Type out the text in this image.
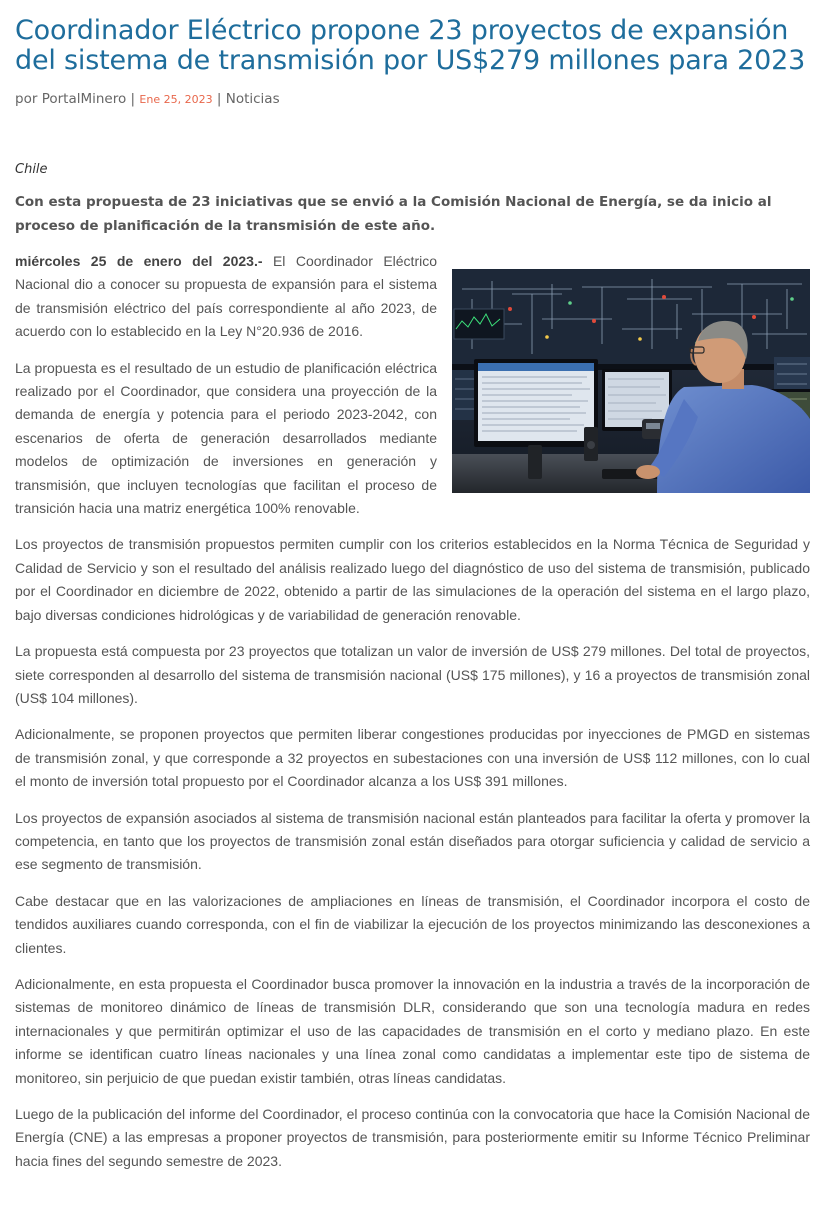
Coordinador Eléctrico propone 23 proyectos de expansión del sistema de transmisión por US$279 millones para 2023
por PortalMinero | Ene 25, 2023 | Noticias
Chile
Con esta propuesta de 23 iniciativas que se envió a la Comisión Nacional de Energía, se da inicio al proceso de planificación de la transmisión de este año.

miércoles 25 de enero del 2023.- El Coordinador Eléctrico Nacional dio a conocer su propuesta de expansión para el sistema de transmisión eléctrico del país correspondiente al año 2023, de acuerdo con lo establecido en la Ley N°20.936 de 2016.

La propuesta es el resultado de un estudio de planificación eléctrica realizado por el Coordinador, que considera una proyección de la demanda de energía y potencia para el periodo 2023-2042, con escenarios de oferta de generación desarrollados mediante modelos de optimización de inversiones en generación y transmisión, que incluyen tecnologías que facilitan el proceso de transición hacia una matriz energética 100% renovable.

Los proyectos de transmisión propuestos permiten cumplir con los criterios establecidos en la Norma Técnica de Seguridad y Calidad de Servicio y son el resultado del análisis realizado luego del diagnóstico de uso del sistema de transmisión, publicado por el Coordinador en diciembre de 2022, obtenido a partir de las simulaciones de la operación del sistema en el largo plazo, bajo diversas condiciones hidrológicas y de variabilidad de generación renovable.

La propuesta está compuesta por 23 proyectos que totalizan un valor de inversión de US$ 279 millones. Del total de proyectos, siete corresponden al desarrollo del sistema de transmisión nacional (US$ 175 millones), y 16 a proyectos de transmisión zonal (US$ 104 millones).

Adicionalmente, se proponen proyectos que permiten liberar congestiones producidas por inyecciones de PMGD en sistemas de transmisión zonal, y que corresponde a 32 proyectos en subestaciones con una inversión de US$ 112 millones, con lo cual el monto de inversión total propuesto por el Coordinador alcanza a los US$ 391 millones.

Los proyectos de expansión asociados al sistema de transmisión nacional están planteados para facilitar la oferta y promover la competencia, en tanto que los proyectos de transmisión zonal están diseñados para otorgar suficiencia y calidad de servicio a ese segmento de transmisión.

Cabe destacar que en las valorizaciones de ampliaciones en líneas de transmisión, el Coordinador incorpora el costo de tendidos auxiliares cuando corresponda, con el fin de viabilizar la ejecución de los proyectos minimizando las desconexiones a clientes.

Adicionalmente, en esta propuesta el Coordinador busca promover la innovación en la industria a través de la incorporación de sistemas de monitoreo dinámico de líneas de transmisión DLR, considerando que son una tecnología madura en redes internacionales y que permitirán optimizar el uso de las capacidades de transmisión en el corto y mediano plazo. En este informe se identifican cuatro líneas nacionales y una línea zonal como candidatas a implementar este tipo de sistema de monitoreo, sin perjuicio de que puedan existir también, otras líneas candidatas.

Luego de la publicación del informe del Coordinador, el proceso continúa con la convocatoria que hace la Comisión Nacional de Energía (CNE) a las empresas a proponer proyectos de transmisión, para posteriormente emitir su Informe Técnico Preliminar hacia fines del segundo semestre de 2023.
